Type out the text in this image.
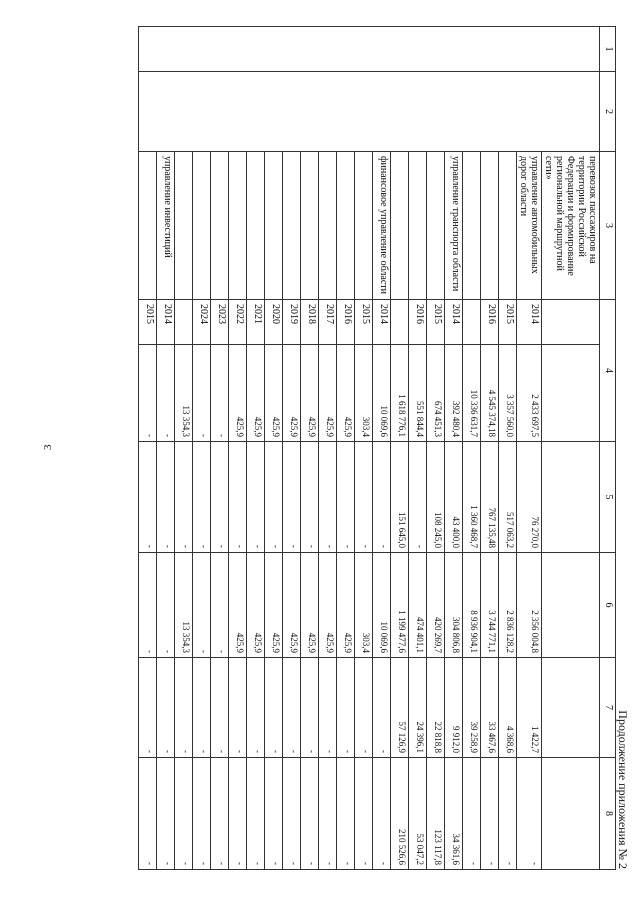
3
Продолжение приложения № 2
1	2	3	4		5	6	7	8
		перевозок пассажиров на территории Российской Федерации и формирование региональной маршрутной сети»						
		управление автомобильных дорог области	2014	2 433 697,5	76 270,0	2 356 004,8	1 422,7	-
			2015	3 357 560,0	517 063,2	2 836 128,2	4 368,6	-
			2016	4 545 374,18	767 135,48	3 744 771,1	33 467,6	-
				10 336 631,7	1 360 468,7	8 936 904,1	39 258,9	-
		управление транспорта области	2014	392 480,4	43 400,0	304 806,8	9 912,0	34 361,6
			2015	674 451,3	108 245,0	420 269,7	22 818,8	123 117,8
			2016	551 844,4	-	474 401,1	24 396,1	53 047,2
				1 618 776,1	151 645,0	1 199 477,6	57 126,9	210 526,6
		финансовое управление области	2014	10 069,6	-	10 069,6	-	-
			2015	303,4	-	303,4	-	-
			2016	425,9	-	425,9	-	-
			2017	425,9	-	425,9	-	-
			2018	425,9	-	425,9	-	-
			2019	425,9	-	425,9	-	-
			2020	425,9	-	425,9	-	-
			2021	425,9	-	425,9	-	-
			2022	425,9	-	425,9	-	-
			2023	-	-	-	-	-
			2024	-	-	-	-	-
				13 354,3	-	13 354,3	-	-
		управление инвестиций	2014	-	-	-	-	-
			2015	-	-	-	-	-
